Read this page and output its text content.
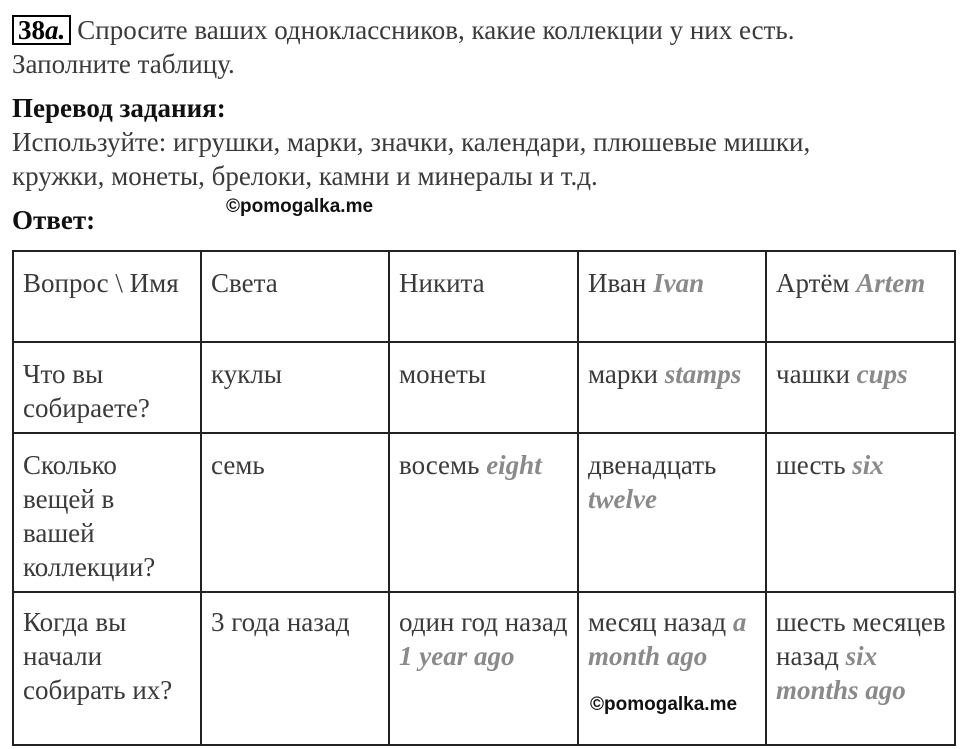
38a. Спросите ваших одноклассников, какие коллекции у них есть.
Заполните таблицу.
Перевод задания:
Используйте: игрушки, марки, значки, календари, плюшевые мишки,
кружки, монеты, брелоки, камни и минералы и т.д.
Ответ:	©pomogalka.me
Вопрос \ Имя	Света	Никита	Иван Ivan	Артём Artem
Что вы собираете?	куклы	монеты	марки stamps	чашки cups
Сколько вещей в вашей коллекции?	семь	восемь eight	двенадцать twelve	шесть six
Когда вы начали собирать их?	3 года назад	один год назад 1 year ago	месяц назад a month ago	шесть месяцев назад six months ago
©pomogalka.me
